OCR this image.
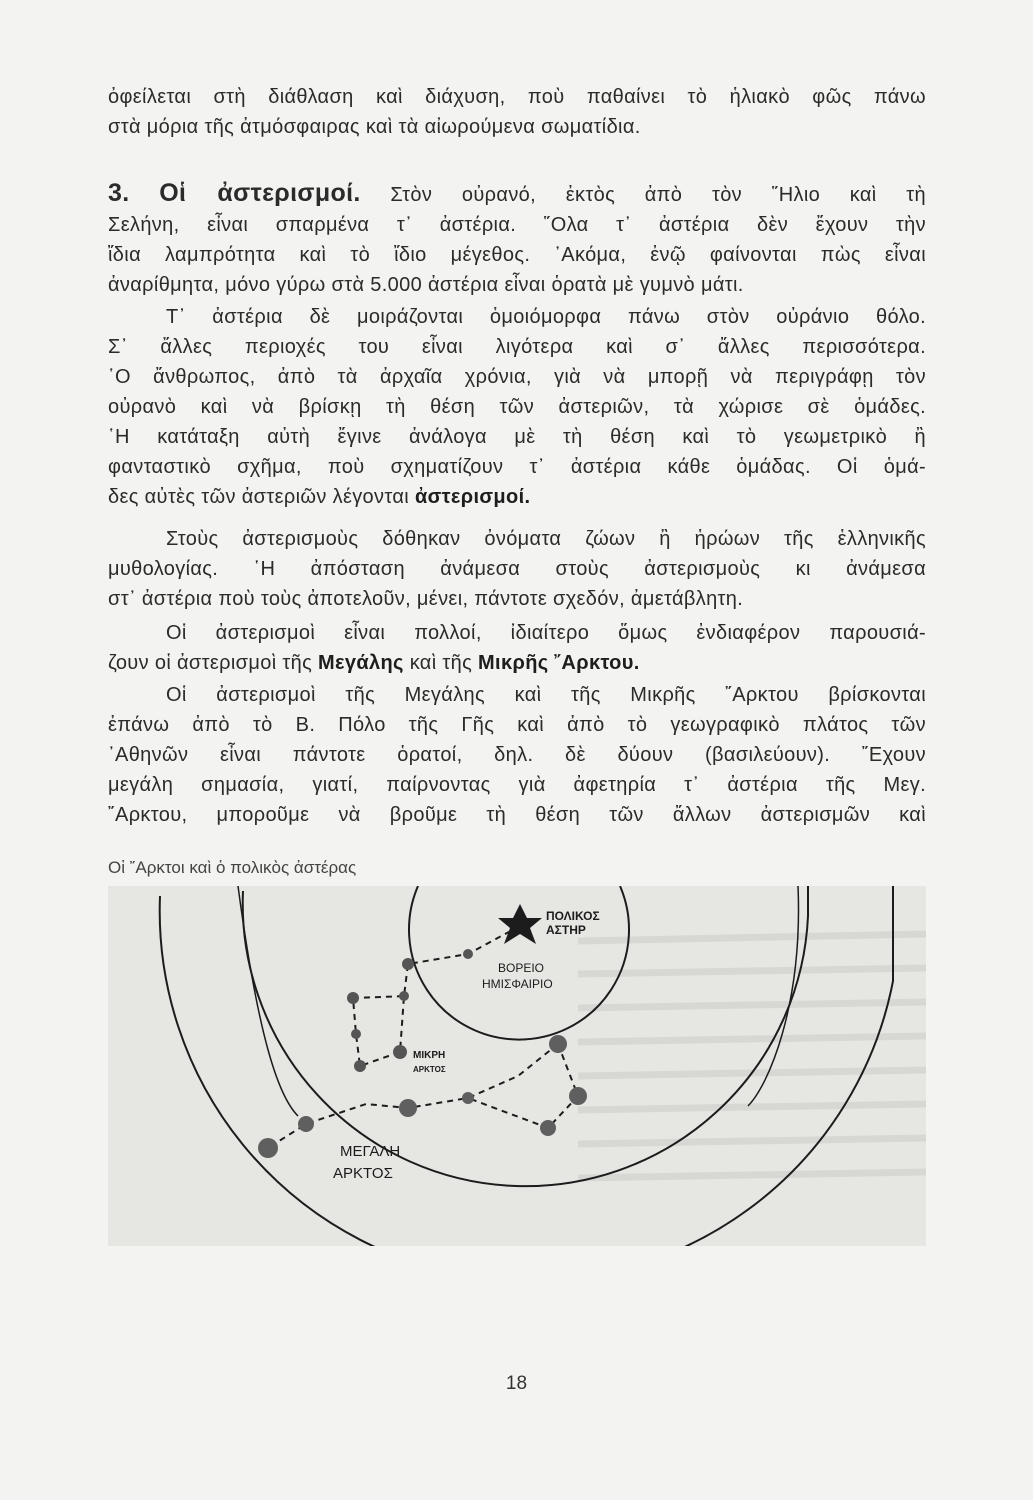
ὀφείλεται στὴ διάθλαση καὶ διάχυση, ποὺ παθαίνει τὸ ἡλιακὸ φῶς πάνω
στὰ μόρια τῆς ἀτμόσφαιρας καὶ τὰ αἰωρούμενα σωματίδια.
3. Οἱ ἀστερισμοί. Στὸν οὐρανό, ἐκτὸς ἀπὸ τὸν ῞Ηλιο καὶ τὴ
Σελήνη, εἶναι σπαρμένα τ᾽ ἀστέρια. ῞Ολα τ᾽ ἀστέρια δὲν ἔχουν τὴν
ἴδια λαμπρότητα καὶ τὸ ἴδιο μέγεθος. ᾽Ακόμα, ἐνῷ φαίνονται πὼς εἶναι
ἀναρίθμητα, μόνο γύρω στὰ 5.000 ἀστέρια εἶναι ὁρατὰ μὲ γυμνὸ μάτι.
Τ᾽ ἀστέρια δὲ μοιράζονται ὁμοιόμορφα πάνω στὸν οὐράνιο θόλο.
Σ᾽ ἄλλες περιοχές του εἶναι λιγότερα καὶ σ᾽ ἄλλες περισσότερα.
῾Ο ἄνθρωπος, ἀπὸ τὰ ἀρχαῖα χρόνια, γιὰ νὰ μπορῇ νὰ περιγράφῃ τὸν
οὐρανὸ καὶ νὰ βρίσκῃ τὴ θέση τῶν ἀστεριῶν, τὰ χώρισε σὲ ὁμάδες.
῾Η κατάταξη αὐτὴ ἔγινε ἀνάλογα μὲ τὴ θέση καὶ τὸ γεωμετρικὸ ἢ
φανταστικὸ σχῆμα, ποὺ σχηματίζουν τ᾽ ἀστέρια κάθε ὁμάδας. Οἱ ὁμά-
δες αὐτὲς τῶν ἀστεριῶν λέγονται ἀστερισμοί.
Στοὺς ἀστερισμοὺς δόθηκαν ὀνόματα ζώων ἢ ἡρώων τῆς ἑλληνικῆς
μυθολογίας. ῾Η ἀπόσταση ἀνάμεσα στοὺς ἀστερισμοὺς κι ἀνάμεσα
στ᾽ ἀστέρια ποὺ τοὺς ἀποτελοῦν, μένει, πάντοτε σχεδόν, ἀμετάβλητη.
Οἱ ἀστερισμοὶ εἶναι πολλοί, ἰδιαίτερο ὅμως ἐνδιαφέρον παρουσιά-
ζουν οἱ ἀστερισμοὶ τῆς Μεγάλης καὶ τῆς Μικρῆς ῎Αρκτου.
Οἱ ἀστερισμοὶ τῆς Μεγάλης καὶ τῆς Μικρῆς ῎Αρκτου βρίσκονται
ἐπάνω ἀπὸ τὸ Β. Πόλο τῆς Γῆς καὶ ἀπὸ τὸ γεωγραφικὸ πλάτος τῶν
᾽Αθηνῶν εἶναι πάντοτε ὁρατοί, δηλ. δὲ δύουν (βασιλεύουν). ῎Εχουν
μεγάλη σημασία, γιατί, παίρνοντας γιὰ ἀφετηρία τ᾽ ἀστέρια τῆς Μεγ.
῎Αρκτου, μποροῦμε νὰ βροῦμε τὴ θέση τῶν ἄλλων ἀστερισμῶν καὶ
Οἱ ῎Αρκτοι καὶ ὁ πολικὸς ἀστέρας
ΠΟΛΙΚΟΣ
ΑΣΤΗΡ
ΒΟΡΕΙΟ
ΗΜΙΣΦΑΙΡΙΟ
ΜΙΚΡΗ
ΑΡΚΤΟΣ
ΜΕΓΑΛΗ
ΑΡΚΤΟΣ
18
